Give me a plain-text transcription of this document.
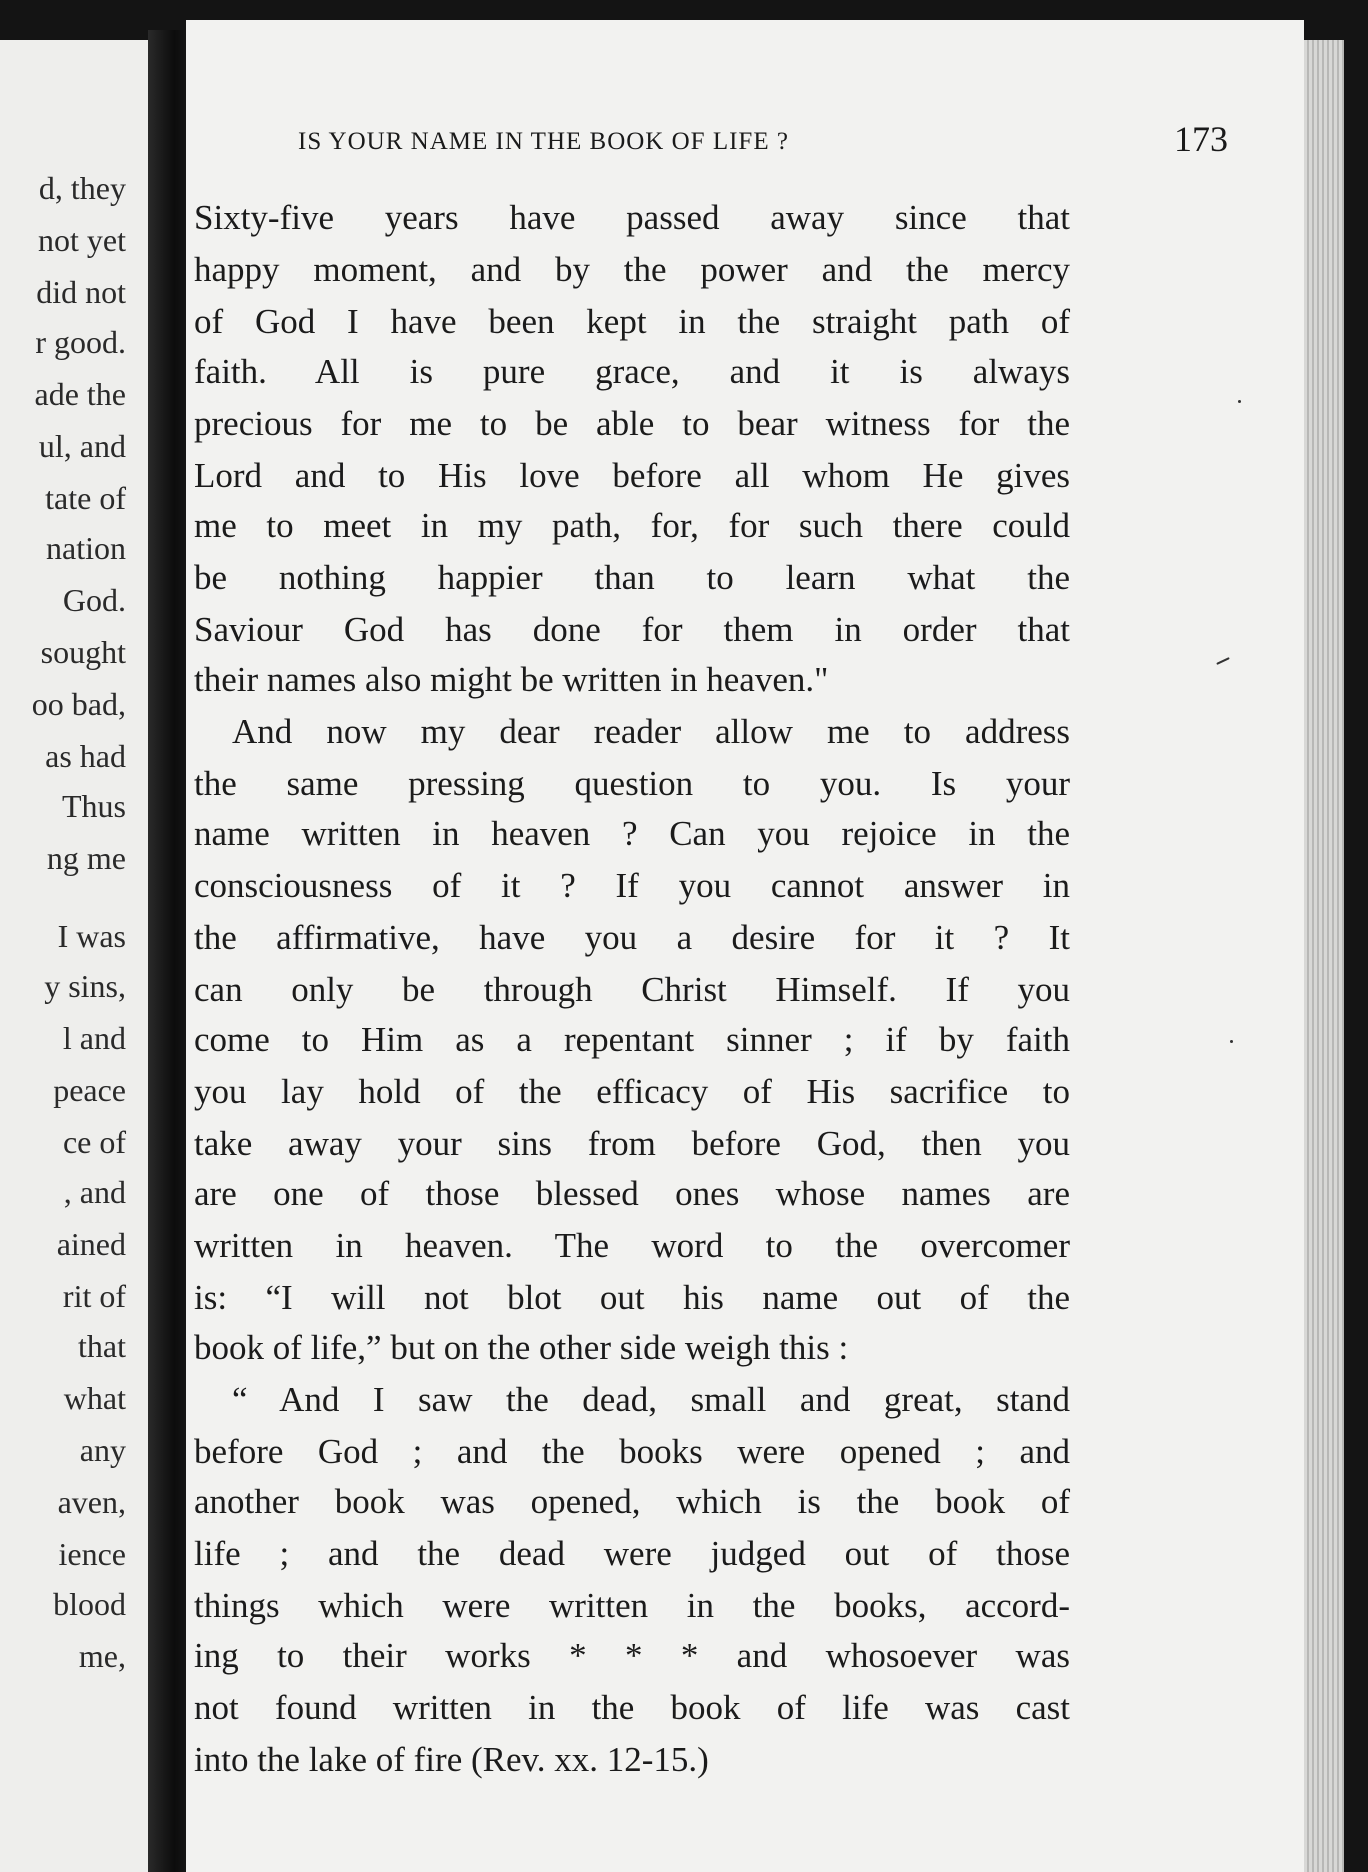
d, they
not yet
did not
r good.
ade the
ul, and
tate of
nation
God.
sought
oo bad,
as had
Thus
ng me
I was
y sins,
l and
peace
ce of
, and
ained
rit of
that
what
any
aven,
ience
blood
me,
IS YOUR NAME IN THE BOOK OF LIFE ?	173
Sixty-five years have passed away since that
happy moment, and by the power and the mercy
of God I have been kept in the straight path of
faith. All is pure grace, and it is always
precious for me to be able to bear witness for the
Lord and to His love before all whom He gives
me to meet in my path, for, for such there could
be nothing happier than to learn what the
Saviour God has done for them in order that
their names also might be written in heaven."
And now my dear reader allow me to address
the same pressing question to you. Is your
name written in heaven ? Can you rejoice in the
consciousness of it ? If you cannot answer in
the affirmative, have you a desire for it ? It
can only be through Christ Himself. If you
come to Him as a repentant sinner ; if by faith
you lay hold of the efficacy of His sacrifice to
take away your sins from before God, then you
are one of those blessed ones whose names are
written in heaven. The word to the overcomer
is: “I will not blot out his name out of the
book of life,” but on the other side weigh this :
“ And I saw the dead, small and great, stand
before God ; and the books were opened ; and
another book was opened, which is the book of
life ; and the dead were judged out of those
things which were written in the books, accord-
ing to their works * * * and whosoever was
not found written in the book of life was cast
into the lake of fire (Rev. xx. 12-15.)
